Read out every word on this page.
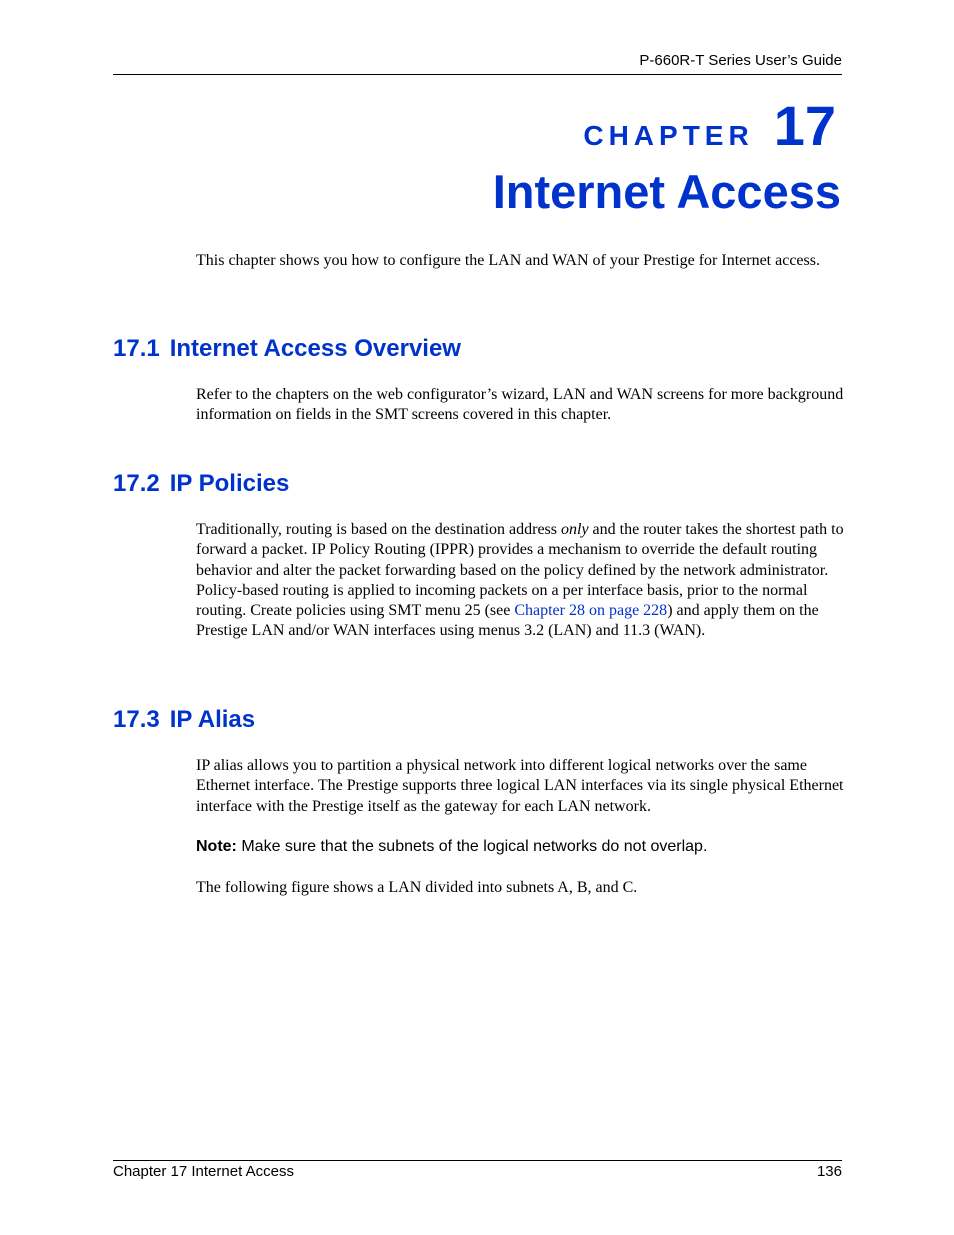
P-660R-T Series User’s Guide
chapter 17
Internet Access
This chapter shows you how to configure the LAN and WAN of your Prestige for Internet access.
17.1 Internet Access Overview
Refer to the chapters on the web configurator’s wizard, LAN and WAN screens for more background information on fields in the SMT screens covered in this chapter.
17.2 IP Policies
Traditionally, routing is based on the destination address only and the router takes the shortest path to forward a packet. IP Policy Routing (IPPR) provides a mechanism to override the default routing behavior and alter the packet forwarding based on the policy defined by the network administrator. Policy-based routing is applied to incoming packets on a per interface basis, prior to the normal routing. Create policies using SMT menu 25 (see Chapter 28 on page 228) and apply them on the Prestige LAN and/or WAN interfaces using menus 3.2 (LAN) and 11.3 (WAN).
17.3 IP Alias
IP alias allows you to partition a physical network into different logical networks over the same Ethernet interface. The Prestige supports three logical LAN interfaces via its single physical Ethernet interface with the Prestige itself as the gateway for each LAN network.
Note: Make sure that the subnets of the logical networks do not overlap.
The following figure shows a LAN divided into subnets A, B, and C.
Chapter 17 Internet Access	136
